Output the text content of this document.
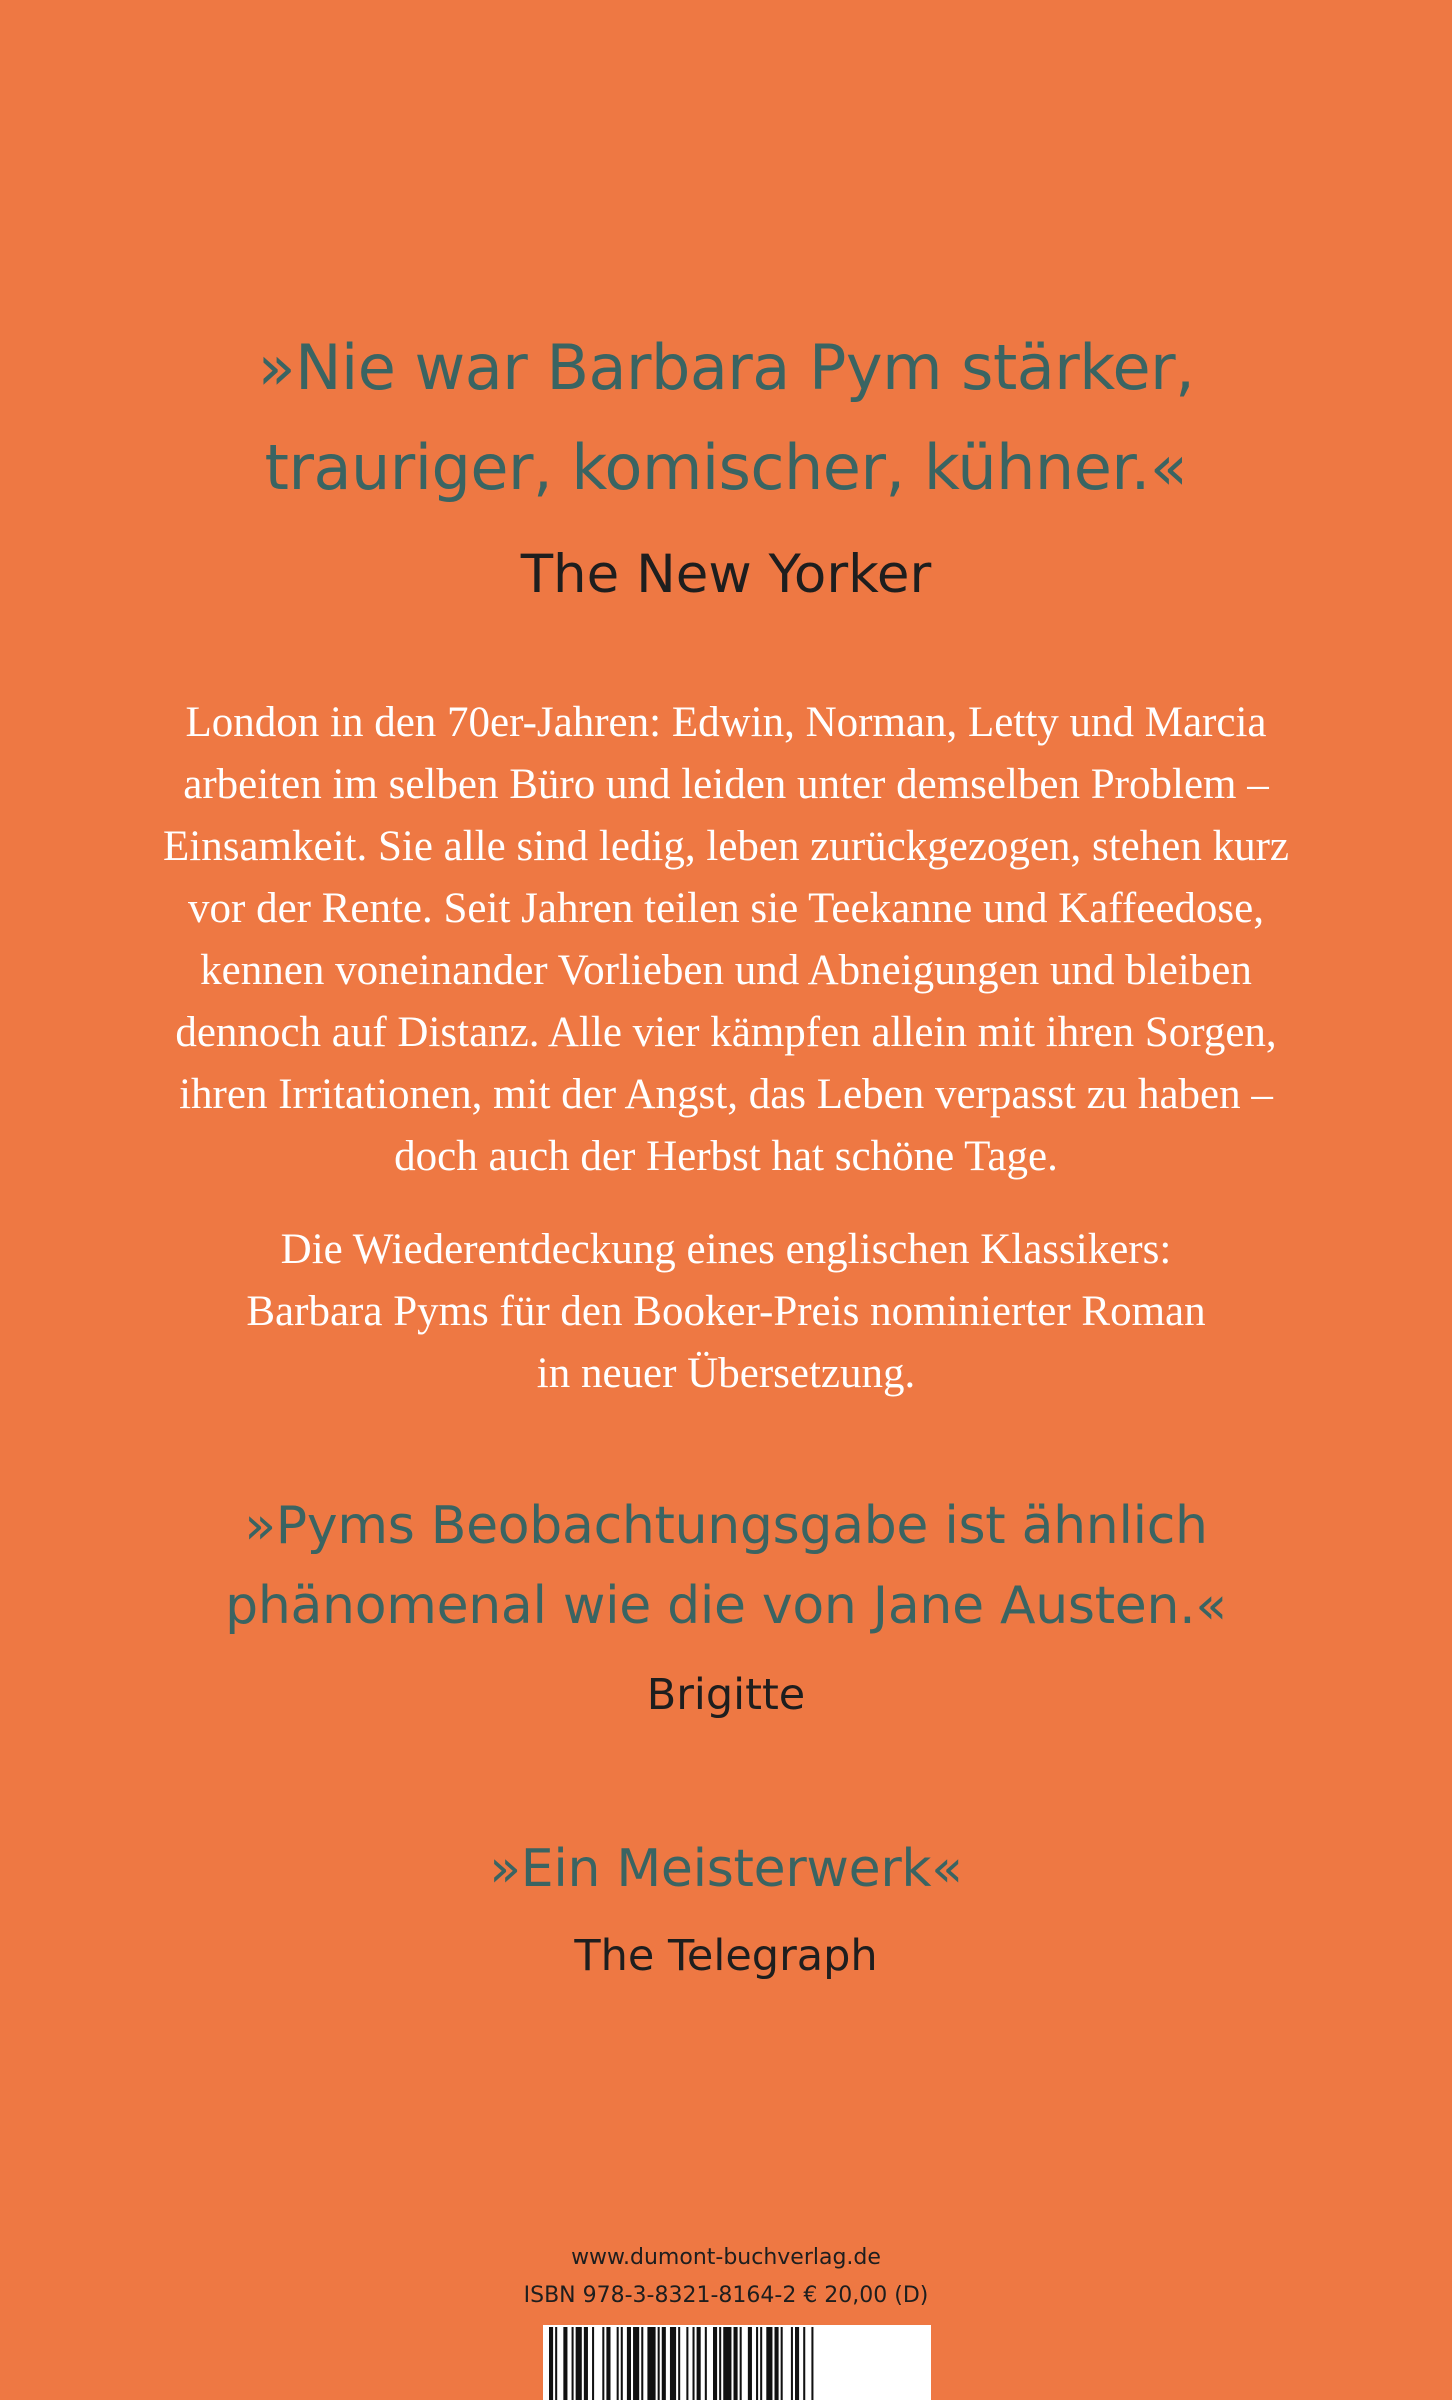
»Nie war Barbara Pym stärker,
trauriger, komischer, kühner.«
The New Yorker
London in den 70er-Jahren: Edwin, Norman, Letty und Marcia
arbeiten im selben Büro und leiden unter demselben Problem –
Einsamkeit. Sie alle sind ledig, leben zurückgezogen, stehen kurz
vor der Rente. Seit Jahren teilen sie Teekanne und Kaffeedose,
kennen voneinander Vorlieben und Abneigungen und bleiben
dennoch auf Distanz. Alle vier kämpfen allein mit ihren Sorgen,
ihren Irritationen, mit der Angst, das Leben verpasst zu haben –
doch auch der Herbst hat schöne Tage.
Die Wiederentdeckung eines englischen Klassikers:
Barbara Pyms für den Booker-Preis nominierter Roman
in neuer Übersetzung.
»Pyms Beobachtungsgabe ist ähnlich
phänomenal wie die von Jane Austen.«
Brigitte
»Ein Meisterwerk«
The Telegraph
www.dumont-buchverlag.de
ISBN 978-3-8321-8164-2 € 20,00 (D)
